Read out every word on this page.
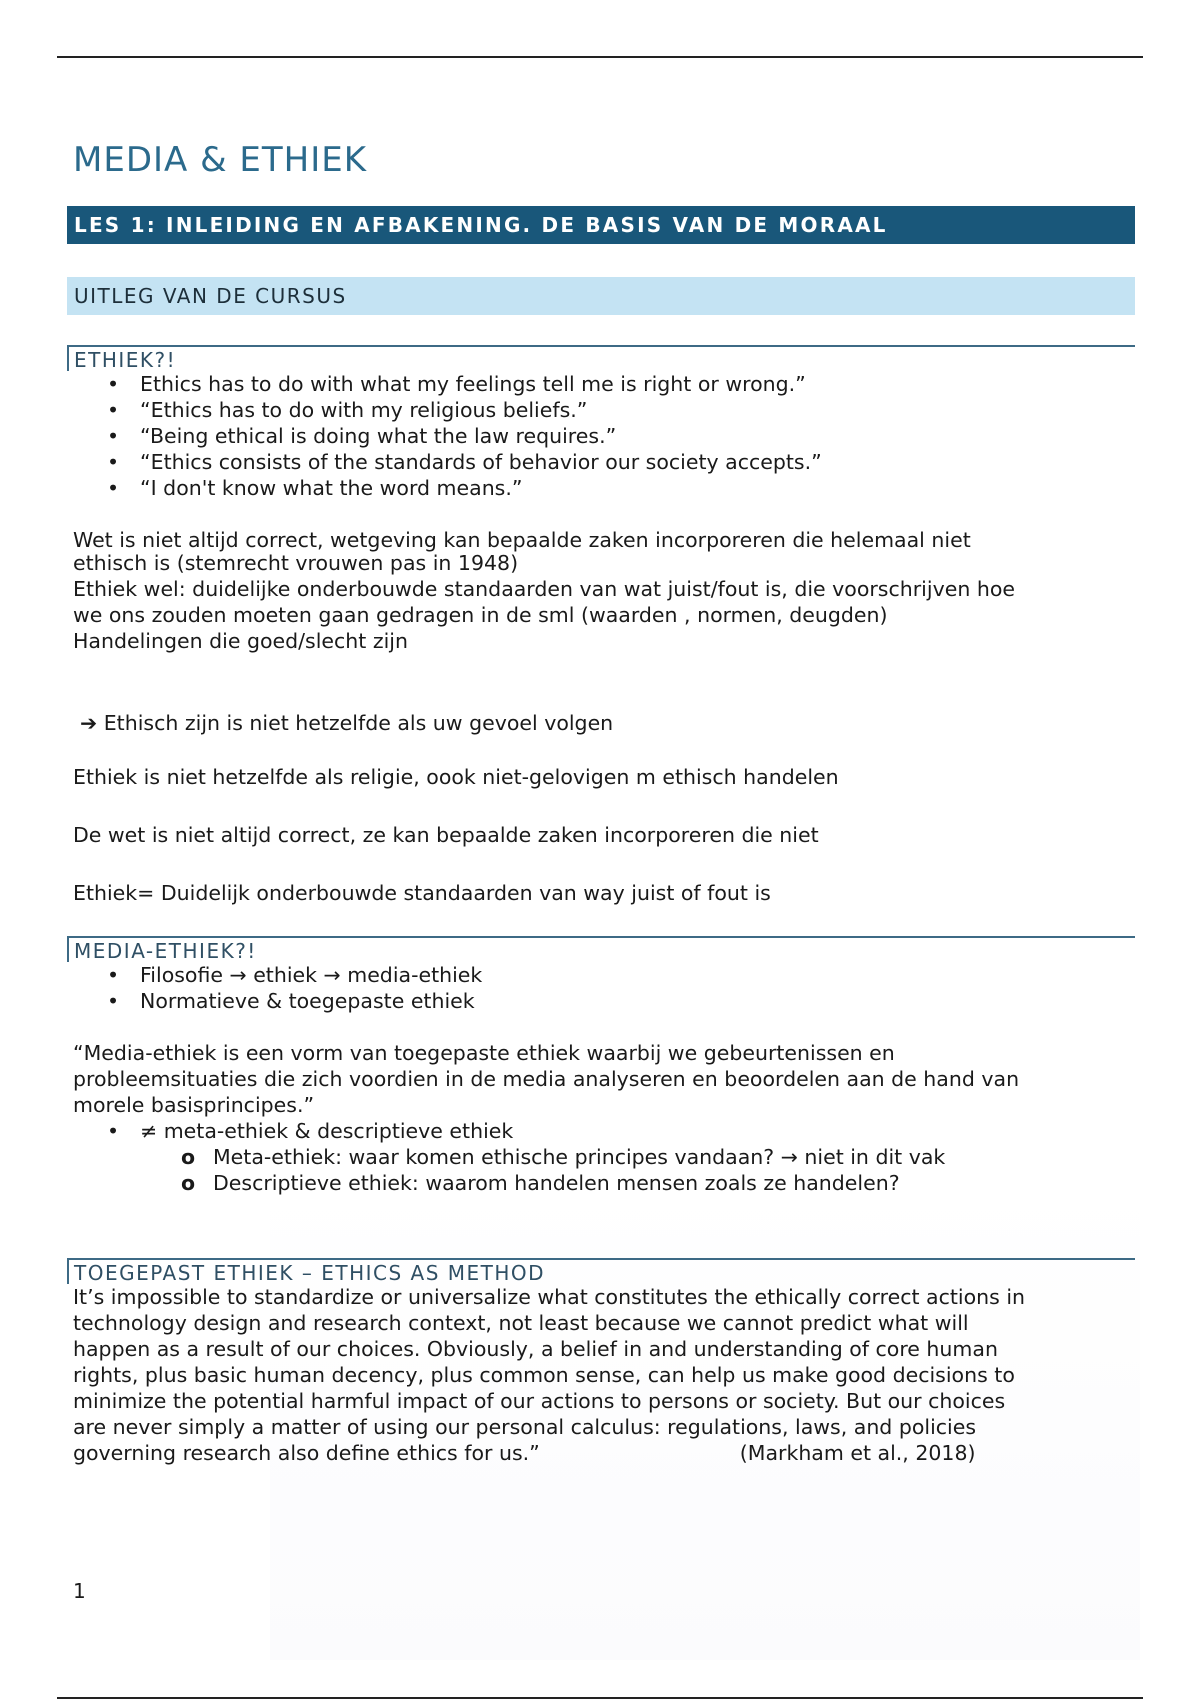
MEDIA & ETHIEK
LES 1: INLEIDING EN AFBAKENING. DE BASIS VAN DE MORAAL
UITLEG VAN DE CURSUS
ETHIEK?!
• Ethics has to do with what my feelings tell me is right or wrong.”
• “Ethics has to do with my religious beliefs.”
• “Being ethical is doing what the law requires.”
• “Ethics consists of the standards of behavior our society accepts.”
• “I don't know what the word means.”
Wet is niet altijd correct, wetgeving kan bepaalde zaken incorporeren die helemaal niet
ethisch is (stemrecht vrouwen pas in 1948)
Ethiek wel: duidelijke onderbouwde standaarden van wat juist/fout is, die voorschrijven hoe
we ons zouden moeten gaan gedragen in de sml (waarden , normen, deugden)
Handelingen die goed/slecht zijn
➔ Ethisch zijn is niet hetzelfde als uw gevoel volgen
Ethiek is niet hetzelfde als religie, oook niet-gelovigen m ethisch handelen
De wet is niet altijd correct, ze kan bepaalde zaken incorporeren die niet
Ethiek= Duidelijk onderbouwde standaarden van way juist of fout is
MEDIA-ETHIEK?!
• Filosofie → ethiek → media-ethiek
• Normatieve & toegepaste ethiek
“Media-ethiek is een vorm van toegepaste ethiek waarbij we gebeurtenissen en
probleemsituaties die zich voordien in de media analyseren en beoordelen aan de hand van
morele basisprincipes.”
• ≠ meta-ethiek & descriptieve ethiek
o Meta-ethiek: waar komen ethische principes vandaan? → niet in dit vak
o Descriptieve ethiek: waarom handelen mensen zoals ze handelen?
TOEGEPAST ETHIEK – ETHICS AS METHOD
It’s impossible to standardize or universalize what constitutes the ethically correct actions in
technology design and research context, not least because we cannot predict what will
happen as a result of our choices. Obviously, a belief in and understanding of core human
rights, plus basic human decency, plus common sense, can help us make good decisions to
minimize the potential harmful impact of our actions to persons or society. But our choices
are never simply a matter of using our personal calculus: regulations, laws, and policies
governing research also define ethics for us.”	(Markham et al., 2018)
1
